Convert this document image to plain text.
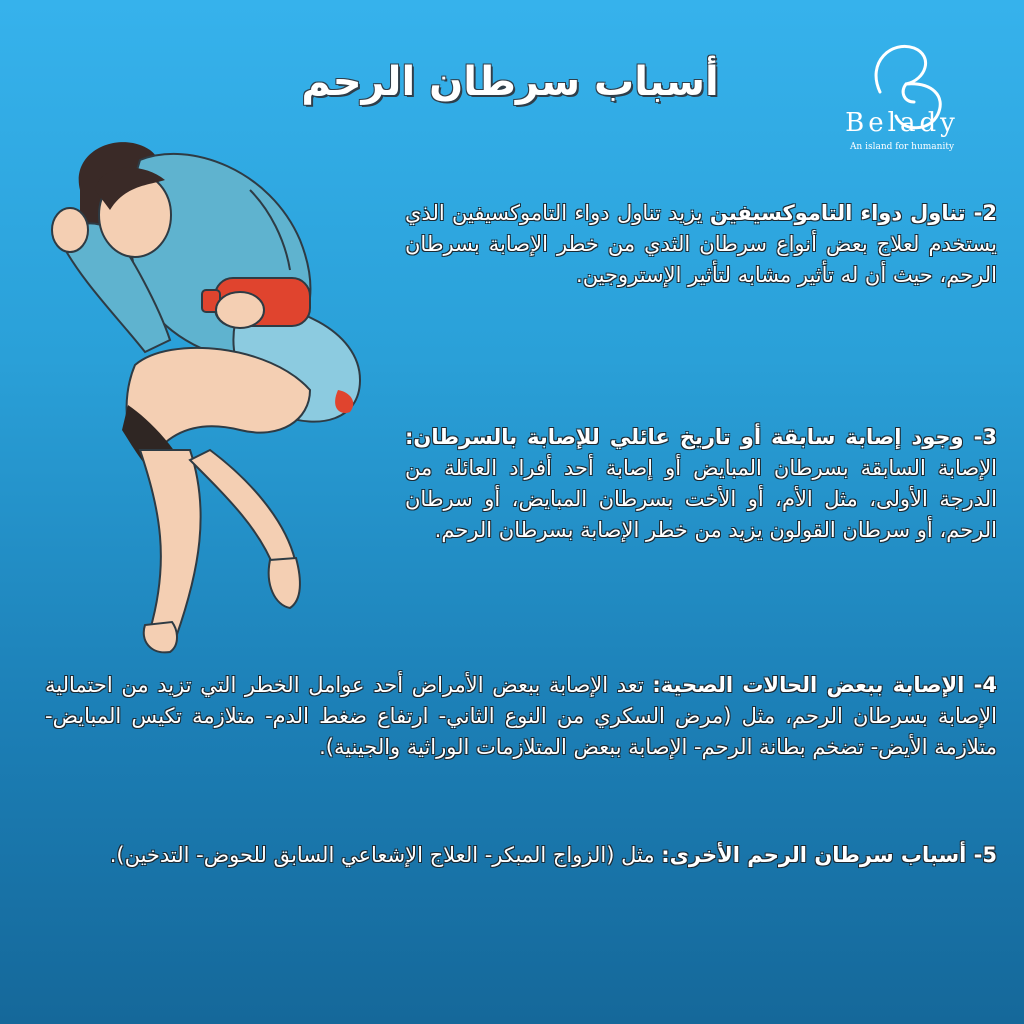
أسباب سرطان الرحم
Belady
An island for humanity

2- تناول دواء التاموكسيفين يزيد تناول دواء التاموكسيفين الذي يستخدم لعلاج بعض أنواع سرطان الثدي من خطر الإصابة بسرطان الرحم، حيث أن له تأثير مشابه لتأثير الإستروجين.

3- وجود إصابة سابقة أو تاريخ عائلي للإصابة بالسرطان: الإصابة السابقة بسرطان المبايض أو إصابة أحد أفراد العائلة من الدرجة الأولى، مثل الأم، أو الأخت بسرطان المبايض، أو سرطان الرحم، أو سرطان القولون يزيد من خطر الإصابة بسرطان الرحم.

4- الإصابة ببعض الحالات الصحية: تعد الإصابة ببعض الأمراض أحد عوامل الخطر التي تزيد من احتمالية الإصابة بسرطان الرحم، مثل (مرض السكري من النوع الثاني- ارتفاع ضغط الدم- متلازمة تكيس المبايض- متلازمة الأيض- تضخم بطانة الرحم- الإصابة ببعض المتلازمات الوراثية والجينية).

5- أسباب سرطان الرحم الأخرى: مثل (الزواج المبكر- العلاج الإشعاعي السابق للحوض- التدخين).
